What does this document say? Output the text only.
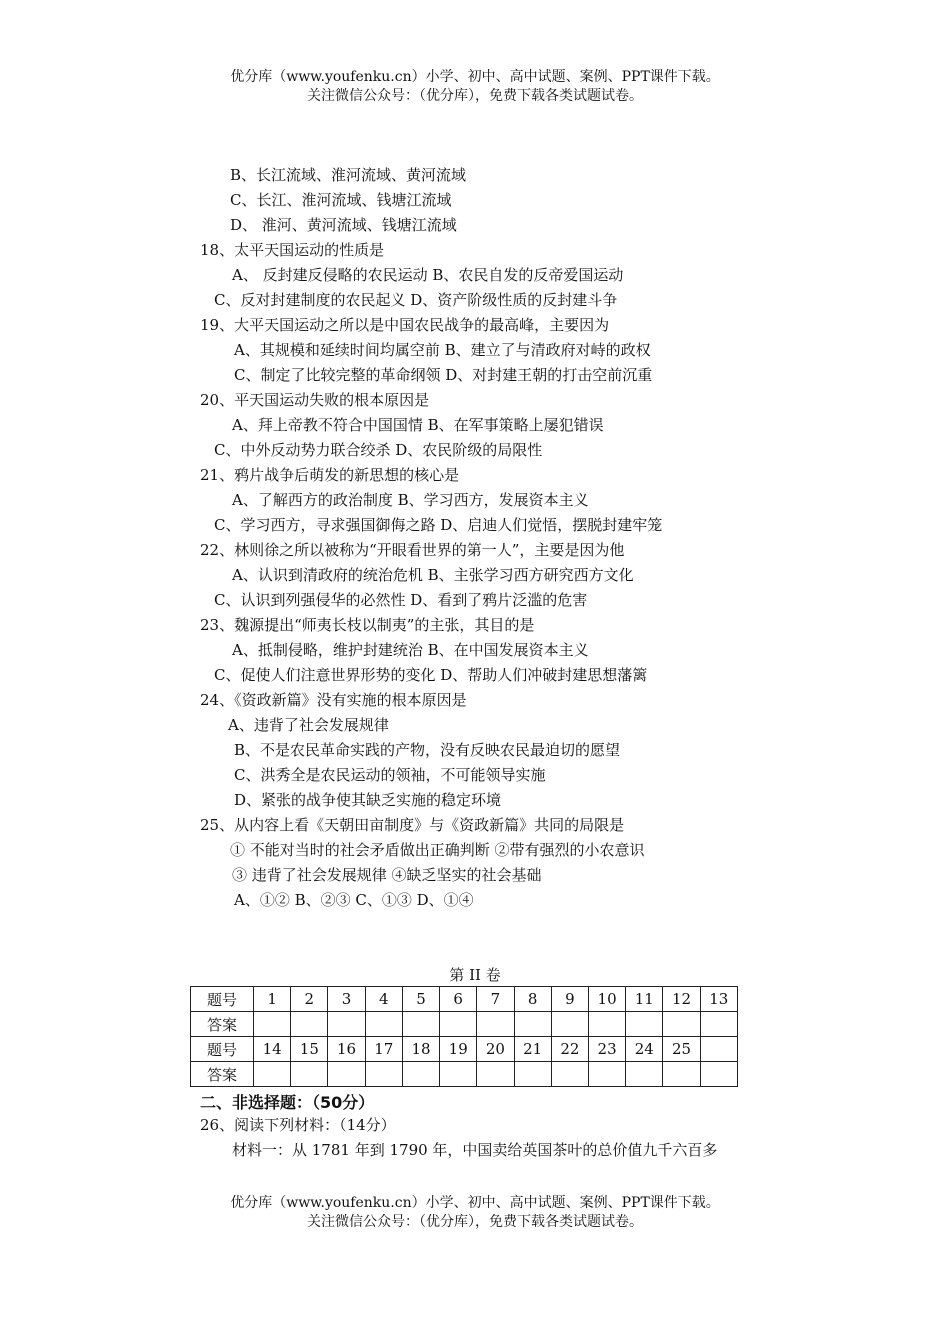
优分库（www.youfenku.cn）小学、初中、高中试题、案例、PPT课件下载。
关注微信公众号：（优分库），免费下载各类试题试卷。
B、长江流域、淮河流域、黄河流域
C、长江、淮河流域、钱塘江流域
D、 淮河、黄河流域、钱塘江流域
18、太平天国运动的性质是
A、 反封建反侵略的农民运动 B、农民自发的反帝爱国运动
C、反对封建制度的农民起义 D、资产阶级性质的反封建斗争
19、大平天国运动之所以是中国农民战争的最高峰，主要因为
A、其规模和延续时间均属空前 B、建立了与清政府对峙的政权
C、制定了比较完整的革命纲领 D、对封建王朝的打击空前沉重
20、平天国运动失败的根本原因是
A、拜上帝教不符合中国国情 B、在军事策略上屡犯错误
C、中外反动势力联合绞杀 D、农民阶级的局限性
21、鸦片战争后萌发的新思想的核心是
A、了解西方的政治制度 B、学习西方，发展资本主义
C、学习西方，寻求强国御侮之路 D、启迪人们觉悟，摆脱封建牢笼
22、林则徐之所以被称为“开眼看世界的第一人”，主要是因为他
A、认识到清政府的统治危机 B、主张学习西方研究西方文化
C、认识到列强侵华的必然性 D、看到了鸦片泛滥的危害
23、魏源提出“师夷长枝以制夷”的主张，其目的是
A、抵制侵略，维护封建统治 B、在中国发展资本主义
C、促使人们注意世界形势的变化 D、帮助人们冲破封建思想藩篱
24、《资政新篇》没有实施的根本原因是
A、违背了社会发展规律
B、不是农民革命实践的产物，没有反映农民最迫切的愿望
C、洪秀全是农民运动的领袖，不可能领导实施
D、紧张的战争使其缺乏实施的稳定环境
25、从内容上看《天朝田亩制度》与《资政新篇》共同的局限是
① 不能对当时的社会矛盾做出正确判断 ②带有强烈的小农意识
③ 违背了社会发展规律 ④缺乏坚实的社会基础
A、①② B、②③ C、①③ D、①④
第 II 卷
题号	1	2	3	4	5	6	7	8	9	10	11	12	13
答案													
题号	14	15	16	17	18	19	20	21	22	23	24	25	
答案													
二、非选择题：（50分）
26、阅读下列材料：（14分）
材料一：从 1781 年到 1790 年，中国卖给英国茶叶的总价值九千六百多
优分库（www.youfenku.cn）小学、初中、高中试题、案例、PPT课件下载。
关注微信公众号：（优分库），免费下载各类试题试卷。
